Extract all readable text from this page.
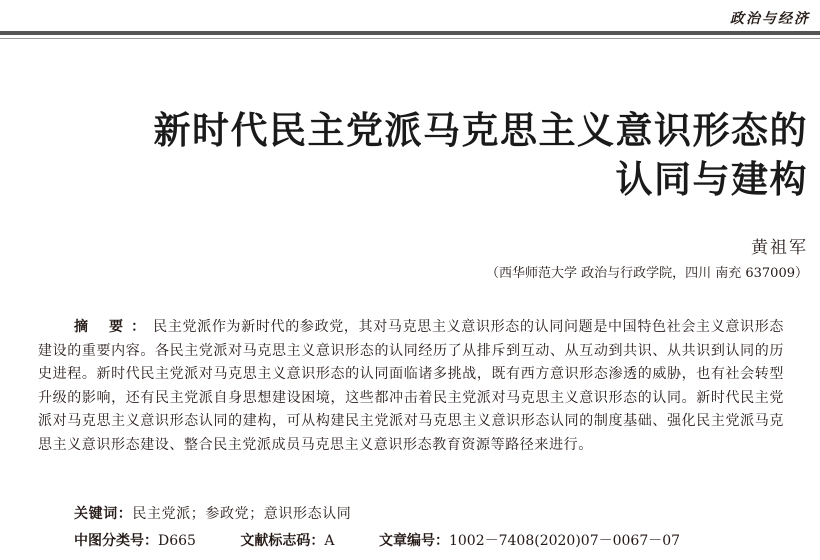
政治与经济
新时代民主党派马克思主义意识形态的
认同与建构
黄祖军
（西华师范大学 政治与行政学院，四川 南充 637009）
摘 要：民主党派作为新时代的参政党，其对马克思主义意识形态的认同问题是中国特色社会主义意识形态建设的重要内容。各民主党派对马克思主义意识形态的认同经历了从排斥到互动、从互动到共识、从共识到认同的历史进程。新时代民主党派对马克思主义意识形态的认同面临诸多挑战，既有西方意识形态渗透的威胁，也有社会转型升级的影响，还有民主党派自身思想建设困境，这些都冲击着民主党派对马克思主义意识形态的认同。新时代民主党派对马克思主义意识形态认同的建构，可从构建民主党派对马克思主义意识形态认同的制度基础、强化民主党派马克思主义意识形态建设、整合民主党派成员马克思主义意识形态教育资源等路径来进行。
关键词：民主党派；参政党；意识形态认同
中图分类号：D665	文献标志码：A	文章编号：1002－7408(2020)07－0067－07
